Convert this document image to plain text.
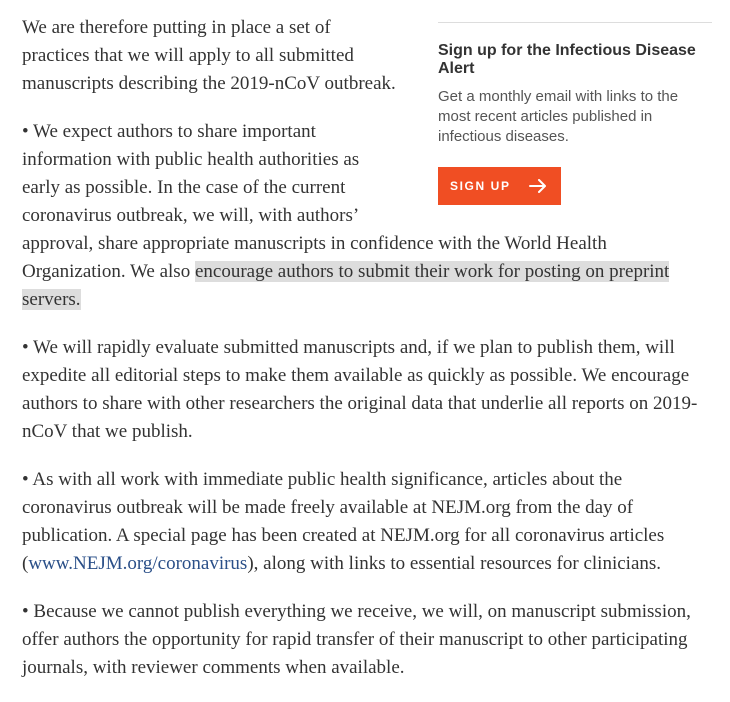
Sign up for the Infectious Disease Alert

Get a monthly email with links to the most recent articles published in infectious diseases.

SIGN UP

We are therefore putting in place a set of practices that we will apply to all submitted manuscripts describing the 2019-nCoV outbreak.

• We expect authors to share important information with public health authorities as early as possible. In the case of the current coronavirus outbreak, we will, with authors’ approval, share appropriate manuscripts in confidence with the World Health Organization. We also encourage authors to submit their work for posting on preprint servers.

• We will rapidly evaluate submitted manuscripts and, if we plan to publish them, will expedite all editorial steps to make them available as quickly as possible. We encourage authors to share with other researchers the original data that underlie all reports on 2019-nCoV that we publish.

• As with all work with immediate public health significance, articles about the coronavirus outbreak will be made freely available at NEJM.org from the day of publication. A special page has been created at NEJM.org for all coronavirus articles (www.NEJM.org/coronavirus), along with links to essential resources for clinicians.

• Because we cannot publish everything we receive, we will, on manuscript submission, offer authors the opportunity for rapid transfer of their manuscript to other participating journals, with reviewer comments when available.
